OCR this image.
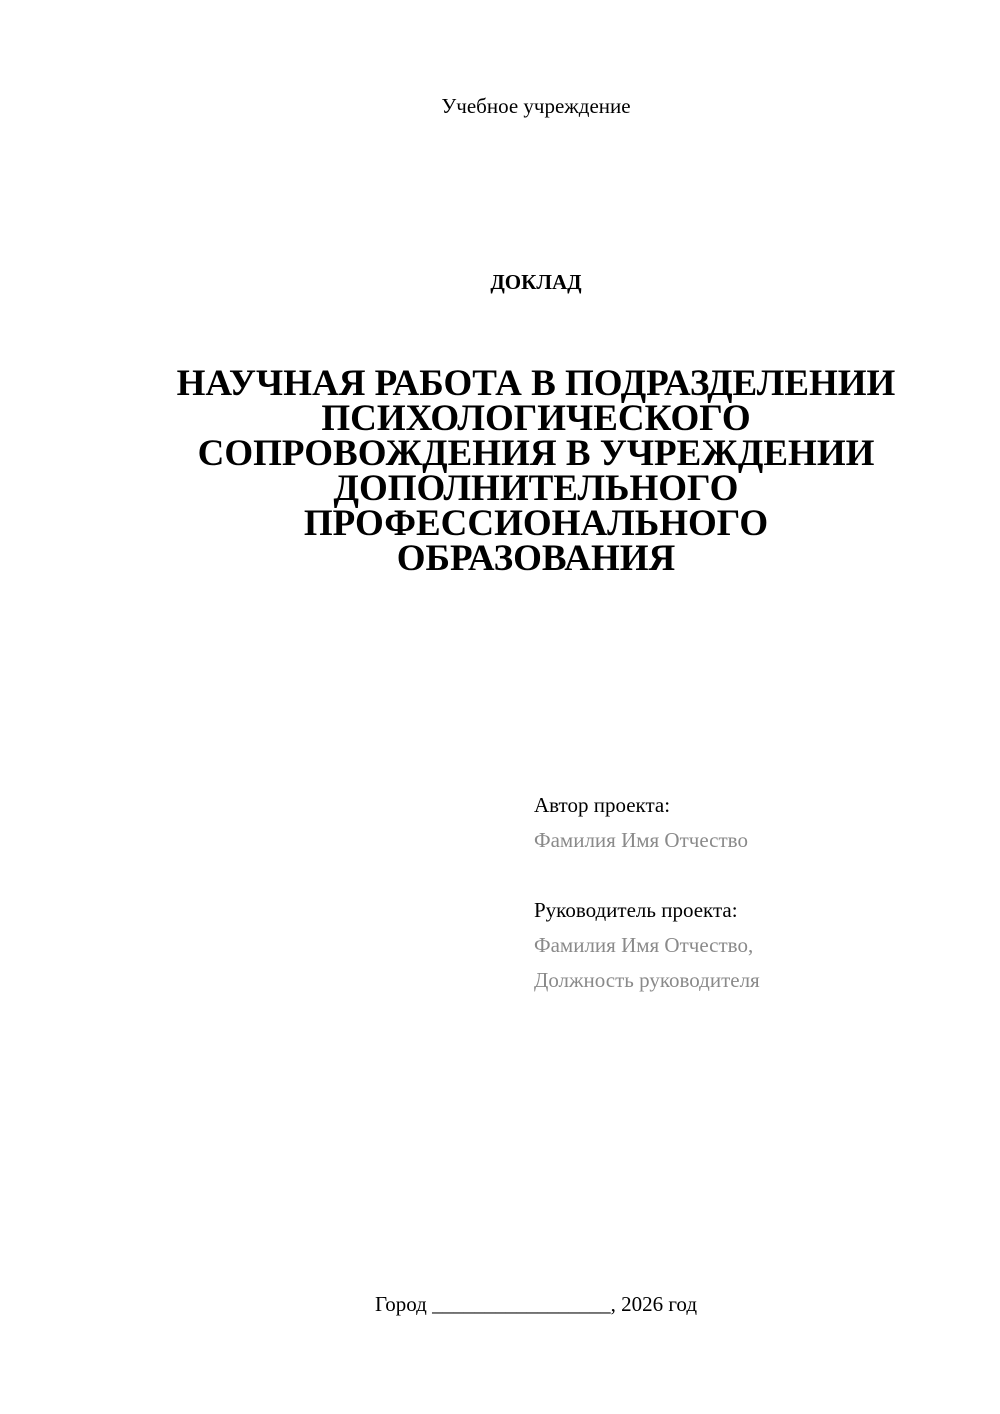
Учебное учреждение
ДОКЛАД
НАУЧНАЯ РАБОТА В ПОДРАЗДЕЛЕНИИ
ПСИХОЛОГИЧЕСКОГО
СОПРОВОЖДЕНИЯ В УЧРЕЖДЕНИИ
ДОПОЛНИТЕЛЬНОГО
ПРОФЕССИОНАЛЬНОГО
ОБРАЗОВАНИЯ
Автор проекта:
Фамилия Имя Отчество
Руководитель проекта:
Фамилия Имя Отчество,
Должность руководителя
Город _________________, 2026 год
